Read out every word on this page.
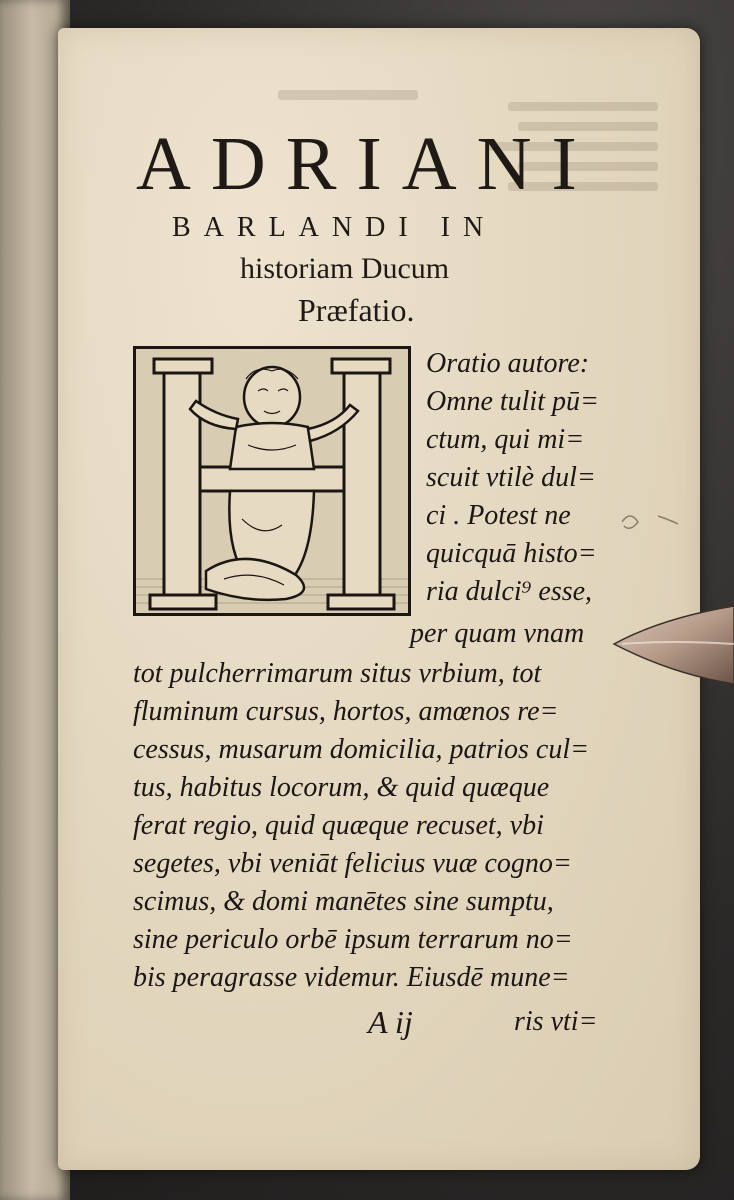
ADRIANI
BARLANDI IN
historiam Ducum
Præfatio.
Oratio autore:
Omne tulit pū=
ctum, qui mi=
scuit vtilè dul=
ci . Potest ne
quicquā histo=
ria dulci⁹ esse,
per quam vnam
tot pulcherrimarum situs vrbium, tot
fluminum cursus, hortos, amœnos re=
cessus, musarum domicilia, patrios cul=
tus, habitus locorum, & quid quæque
ferat regio, quid quæque recuset, vbi
segetes, vbi veniāt felicius vuæ cogno=
scimus, & domi manētes sine sumptu,
sine periculo orbē ipsum terrarum no=
bis peragrasse videmur. Eiusdē mune=
A ij	ris vti=
